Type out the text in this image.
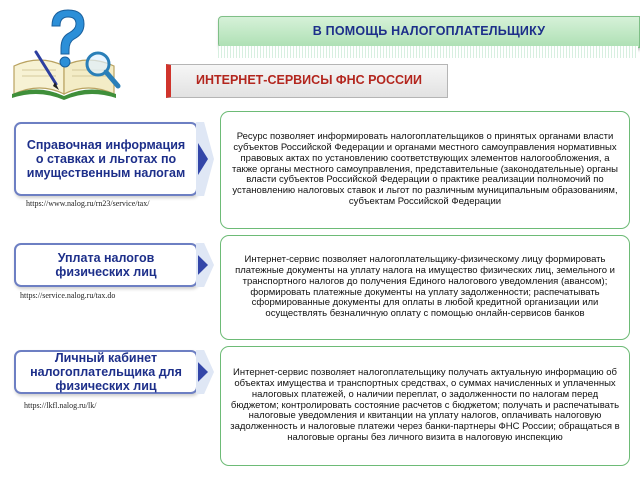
В ПОМОЩЬ НАЛОГОПЛАТЕЛЬЩИКУ
ИНТЕРНЕТ-СЕРВИСЫ ФНС РОССИИ
Справочная информация о ставках и льготах по имущественным налогам
https://www.nalog.ru/rn23/service/tax/

Ресурс позволяет информировать налогоплательщиков о принятых органами власти субъектов Российской Федерации и органами местного самоуправления нормативных правовых актах по установлению соответствующих элементов налогообложения, а также органы местного самоуправления, представительные (законодательные) органы власти субъектов Российской Федерации о практике реализации полномочий по установлению налоговых ставок и льгот по различным муниципальным образованиям, субъектам Российской Федерации

Уплата налогов физических лиц
https://service.nalog.ru/tax.do

Интернет-сервис позволяет налогоплательщику-физическому лицу формировать платежные документы на уплату налога на имущество физических лиц, земельного и транспортного налогов до получения Единого налогового уведомления (авансом); формировать платежные документы на уплату задолженности; распечатывать сформированные документы для оплаты в любой кредитной организации или осуществлять безналичную оплату с помощью онлайн-сервисов банков

Личный кабинет налогоплательщика для физических лиц
https://lkfl.nalog.ru/lk/

Интернет-сервис позволяет налогоплательщику получать актуальную информацию об объектах имущества и транспортных средствах, о суммах начисленных и уплаченных налоговых платежей, о наличии переплат, о задолженности по налогам перед бюджетом; контролировать состояние расчетов с бюджетом; получать и распечатывать налоговые уведомления и квитанции на уплату налогов, оплачивать налоговую задолженность и налоговые платежи через банки-партнеры ФНС России; обращаться в налоговые органы без личного визита в налоговую инспекцию
